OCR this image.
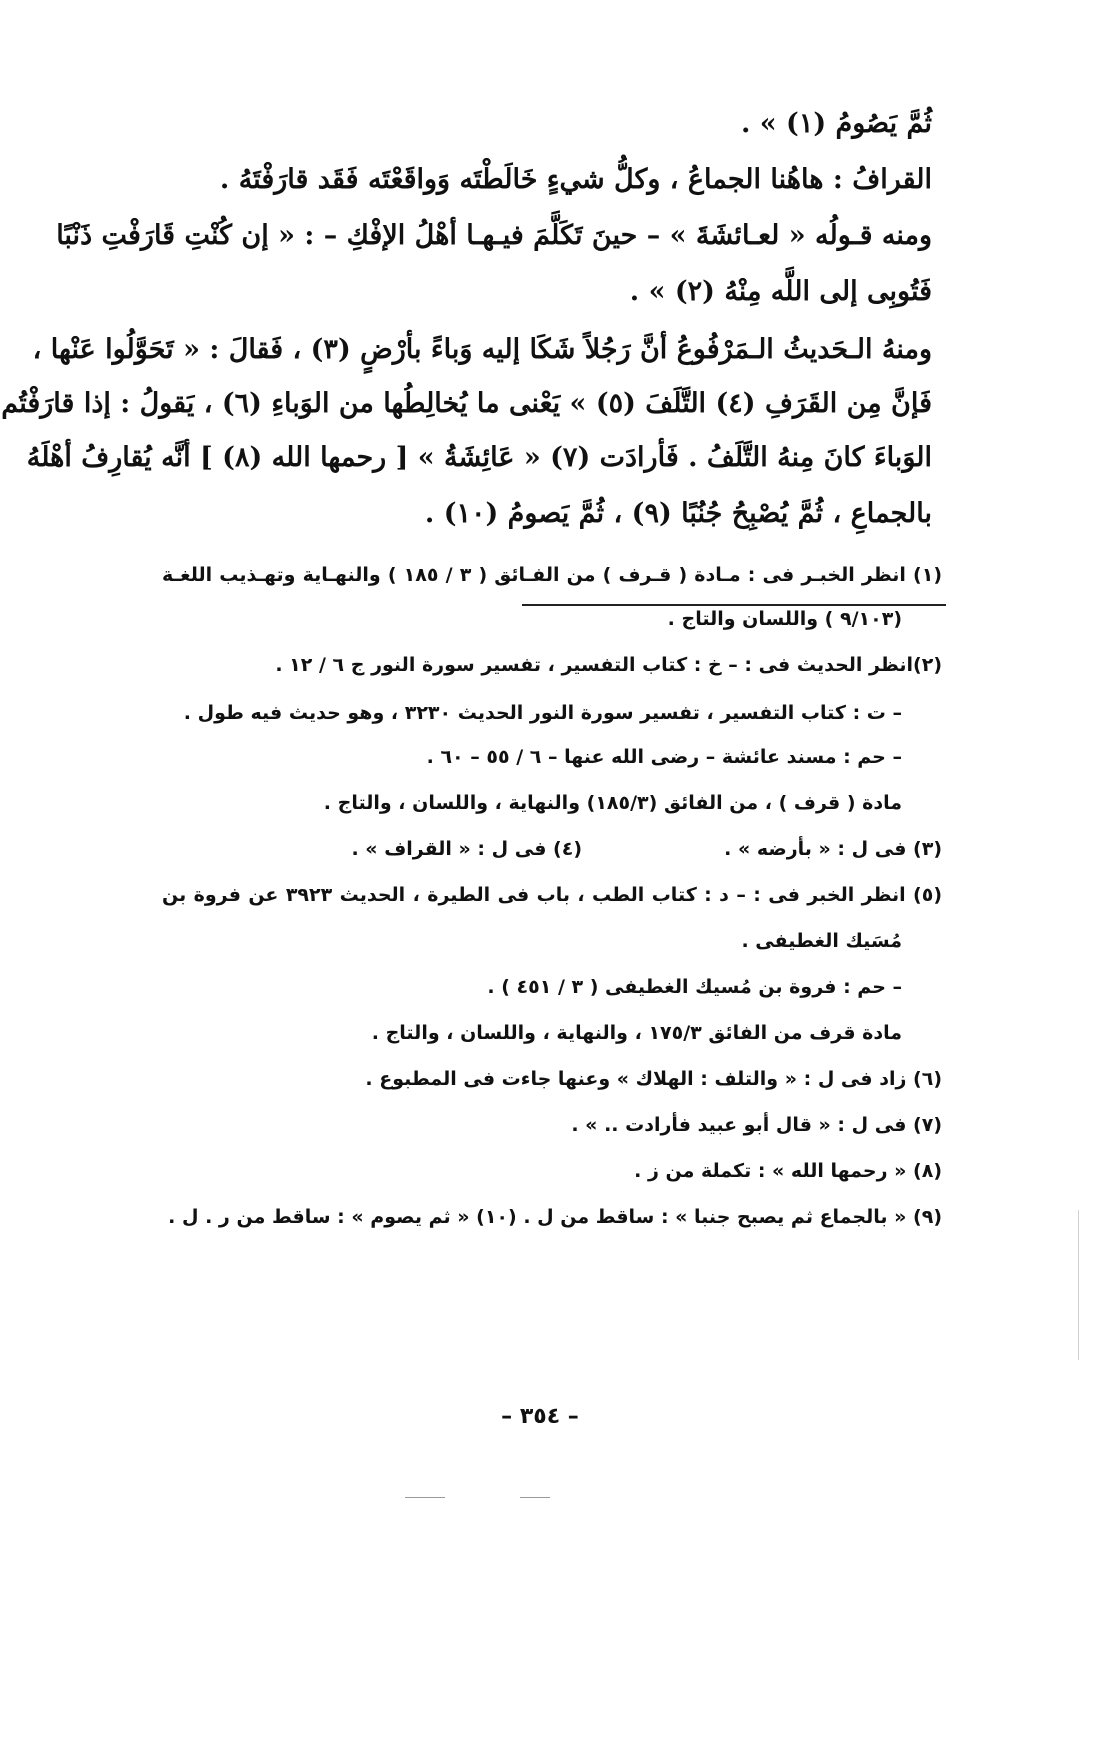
ثُمَّ يَصُومُ (١) » .
القرافُ : هاهُنا الجماعُ ، وكلُّ شيءٍ خَالَطْتَه وَواقَعْتَه فَقَد قارَفْتَهُ .
ومنه قـولُه « لعـائشَةَ » – حينَ تَكَلَّمَ فيـهـا أهْلُ الإفْكِ – : « إن كُنْتِ قَارَفْتِ ذَنْبًا
فَتُوبِى إلى اللَّه مِنْهُ (٢) » .
ومنهُ الـحَديثُ الـمَرْفُوعُ أنَّ رَجُلاً شَكَا إليه وَباءً بأرْضٍ (٣) ، فَقالَ : « تَحَوَّلُوا عَنْها ،
فَإنَّ مِن القَرَفِ (٤) التَّلَفَ (٥) » يَعْنى ما يُخالِطُها من الوَباءِ (٦) ، يَقولُ : إذا قارَفْتُم
الوَباءَ كانَ مِنهُ التَّلَفُ . فَأرادَت (٧) « عَائِشَةُ » [ رحمها الله (٨) ] أنَّه يُقارِفُ أهْلَهُ
بالجماعِ ، ثُمَّ يُصْبِحُ جُنُبًا (٩) ، ثُمَّ يَصومُ (١٠) .
(١) انظر الخبـر فى : مـادة ( قـرف ) من الفـائق ( ٣ / ١٨٥ ) والنهـاية وتهـذيب اللغـة
(٩/١٠٣ ) واللسان والتاج .
(٢)انظر الحديث فى : – خ : كتاب التفسير ، تفسير سورة النور ج ٦ / ١٢ .
– ت : كتاب التفسير ، تفسير سورة النور الحديث ٣٢٣٠ ، وهو حديث فيه طول .
– حم : مسند عائشة – رضى الله عنها – ٦ / ٥٥ – ٦٠ .
مادة ( قرف ) ، من الفائق (١٨٥/٣) والنهاية ، واللسان ، والتاج .
(٣) فى ل : « بأرضه » .
(٤) فى ل : « القراف » .
(٥) انظر الخبر فى : – د : كتاب الطب ، باب فى الطيرة ، الحديث ٣٩٢٣ عن فروة بن
مُسَيك الغطيفى .
– حم : فروة بن مُسيك الغطيفى ( ٣ / ٤٥١ ) .
مادة قرف من الفائق ١٧٥/٣ ، والنهاية ، واللسان ، والتاج .
(٦) زاد فى ل : « والتلف : الهلاك » وعنها جاءت فى المطبوع .
(٧) فى ل : « قال أبو عبيد فأرادت .. » .
(٨) « رحمها الله » : تكملة من ز .
(٩) « بالجماع ثم يصبح جنبا » : ساقط من ل . (١٠) « ثم يصوم » : ساقط من ر . ل .
– ٣٥٤ –
